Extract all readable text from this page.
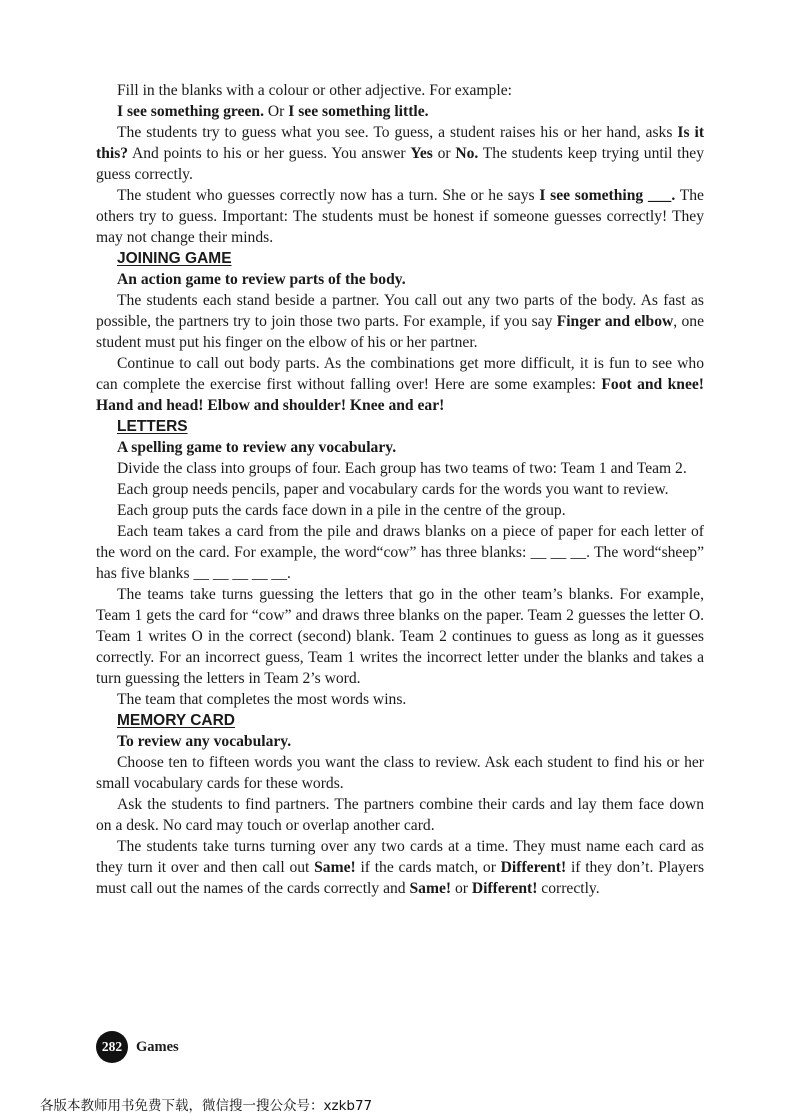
Fill in the blanks with a colour or other adjective. For example:

I see something green. Or I see something little.

The students try to guess what you see. To guess, a student raises his or her hand, asks Is it this? And points to his or her guess. You answer Yes or No. The students keep trying until they guess correctly.

The student who guesses correctly now has a turn. She or he says I see something ___. The others try to guess. Important: The students must be honest if someone guesses correctly! They may not change their minds.

JOINING GAME
An action game to review parts of the body.

The students each stand beside a partner. You call out any two parts of the body. As fast as possible, the partners try to join those two parts. For example, if you say Finger and elbow, one student must put his finger on the elbow of his or her partner.

Continue to call out body parts. As the combinations get more difficult, it is fun to see who can complete the exercise first without falling over! Here are some examples: Foot and knee! Hand and head! Elbow and shoulder! Knee and ear!

LETTERS
A spelling game to review any vocabulary.

Divide the class into groups of four. Each group has two teams of two: Team 1 and Team 2.

Each group needs pencils, paper and vocabulary cards for the words you want to review.

Each group puts the cards face down in a pile in the centre of the group.

Each team takes a card from the pile and draws blanks on a piece of paper for each letter of the word on the card. For example, the word“cow” has three blanks: __ __ __. The word“sheep” has five blanks __ __ __ __ __.

The teams take turns guessing the letters that go in the other team’s blanks. For example, Team 1 gets the card for “cow” and draws three blanks on the paper. Team 2 guesses the letter O. Team 1 writes O in the correct (second) blank. Team 2 continues to guess as long as it guesses correctly. For an incorrect guess, Team 1 writes the incorrect letter under the blanks and takes a turn guessing the letters in Team 2’s word.

The team that completes the most words wins.

MEMORY CARD
To review any vocabulary.

Choose ten to fifteen words you want the class to review. Ask each student to find his or her small vocabulary cards for these words.

Ask the students to find partners. The partners combine their cards and lay them face down on a desk. No card may touch or overlap another card.

The students take turns turning over any two cards at a time. They must name each card as they turn it over and then call out Same! if the cards match, or Different! if they don’t. Players must call out the names of the cards correctly and Same! or Different! correctly.

282 Games
各版本教师用书免费下载，微信搜一搜公众号：xzkb77
